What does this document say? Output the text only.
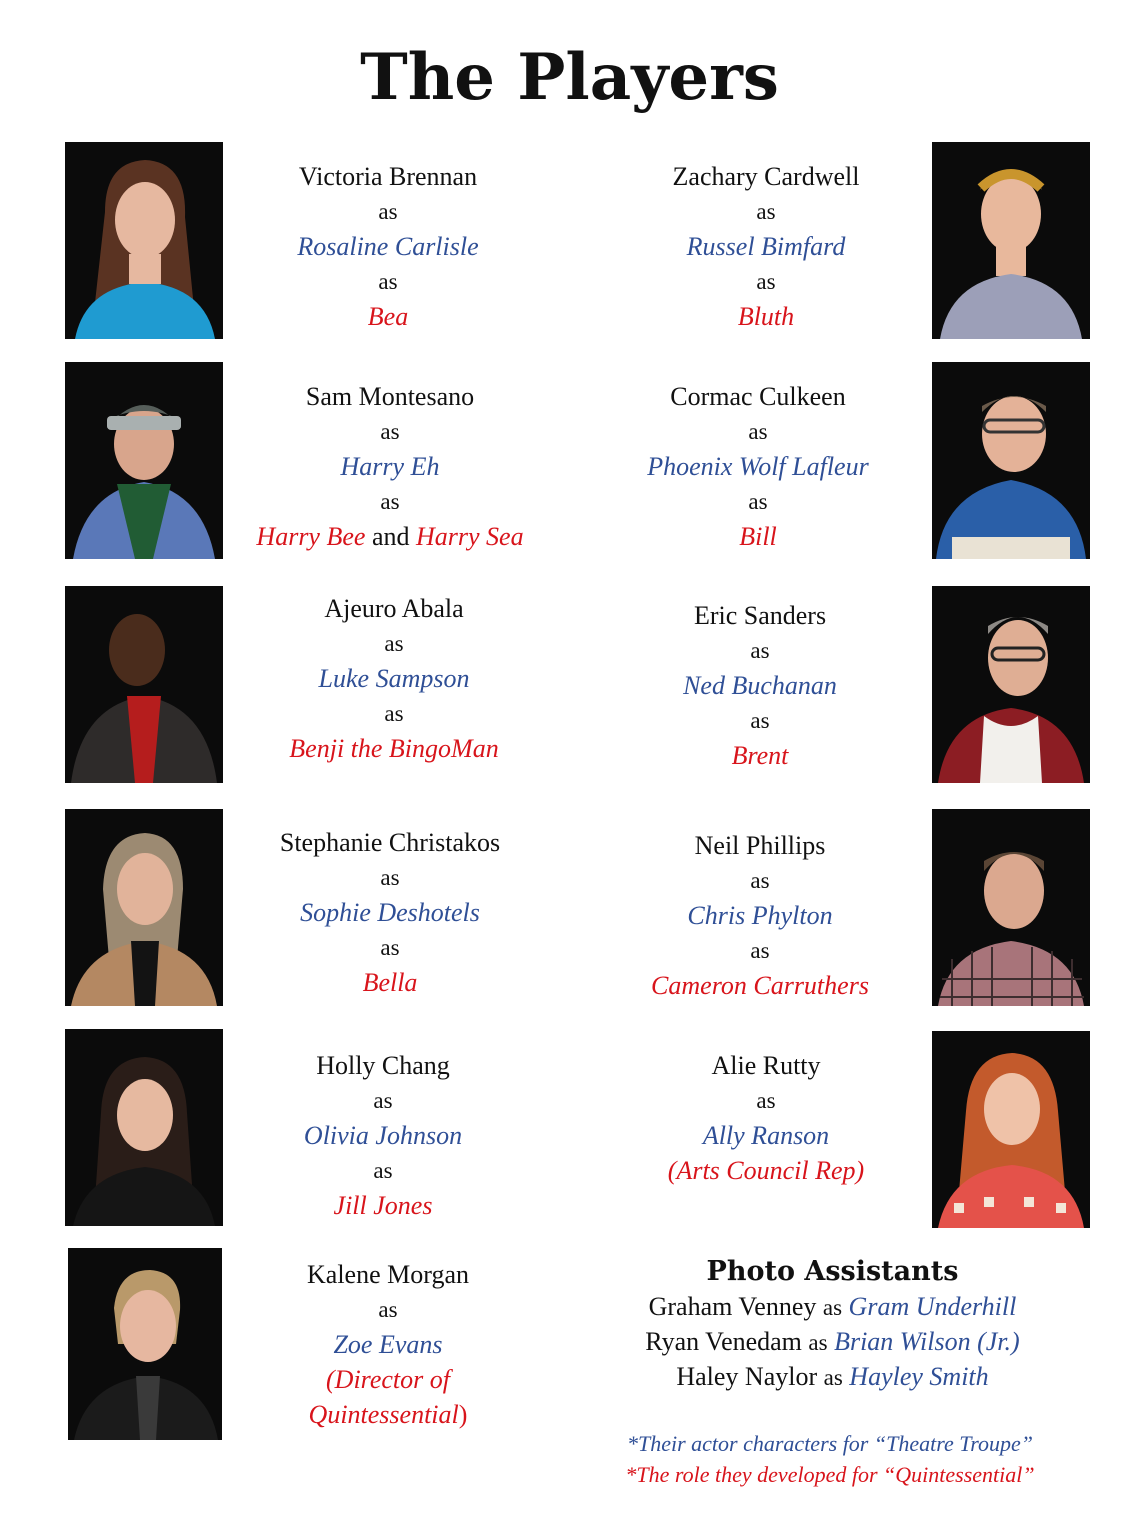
The Players
Victoria Brennan
as
Rosaline Carlisle
as
Bea
Zachary Cardwell
as
Russel Bimfard
as
Bluth
Sam Montesano
as
Harry Eh
as
Harry Bee and Harry Sea
Cormac Culkeen
as
Phoenix Wolf Lafleur
as
Bill
Ajeuro Abala
as
Luke Sampson
as
Benji the BingoMan
Eric Sanders
as
Ned Buchanan
as
Brent
Stephanie Christakos
as
Sophie Deshotels
as
Bella
Neil Phillips
as
Chris Phylton
as
Cameron Carruthers
Holly Chang
as
Olivia Johnson
as
Jill Jones
Alie Rutty
as
Ally Ranson
(Arts Council Rep)
Kalene Morgan
as
Zoe Evans
(Director of
Quintessential)
Photo Assistants
Graham Venney as Gram Underhill
Ryan Venedam as Brian Wilson (Jr.)
Haley Naylor as Hayley Smith
*Their actor characters for “Theatre Troupe”
*The role they developed for “Quintessential”
